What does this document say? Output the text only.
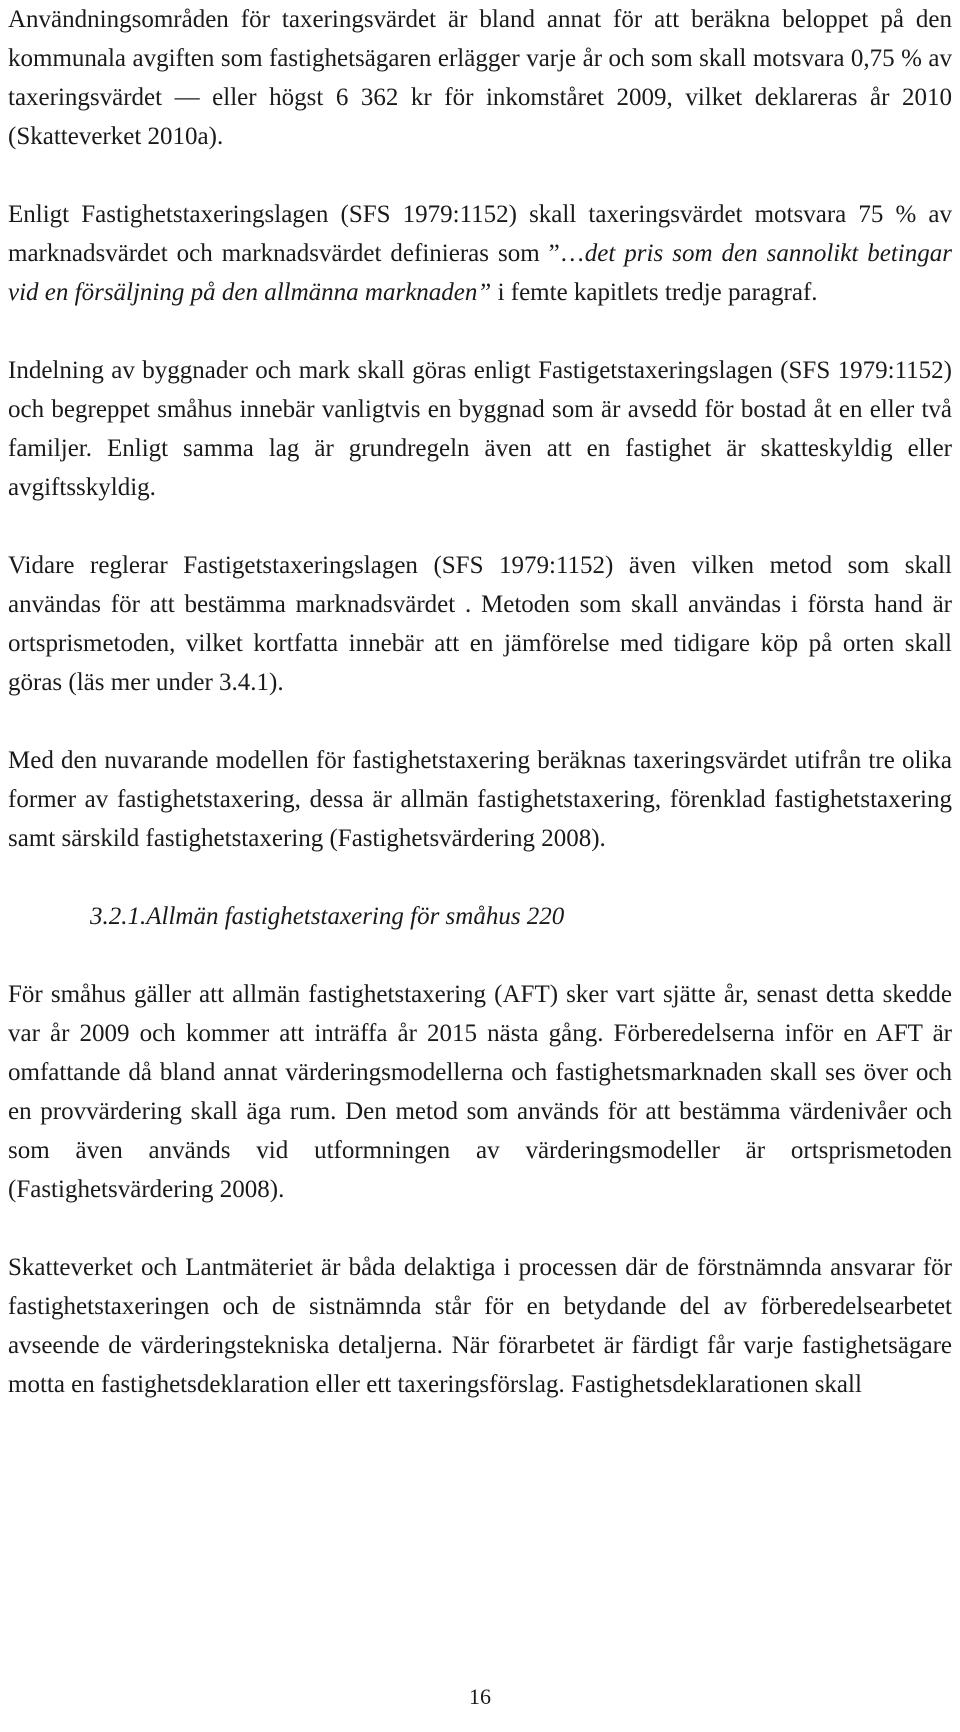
Användningsområden för taxeringsvärdet är bland annat för att beräkna beloppet på den kommunala avgiften som fastighetsägaren erlägger varje år och som skall motsvara 0,75 % av taxeringsvärdet — eller högst 6 362 kr för inkomståret 2009, vilket deklareras år 2010 (Skatteverket 2010a).

Enligt Fastighetstaxeringslagen (SFS 1979:1152) skall taxeringsvärdet motsvara 75 % av marknadsvärdet och marknadsvärdet definieras som ”…det pris som den sannolikt betingar vid en försäljning på den allmänna marknaden” i femte kapitlets tredje paragraf.

Indelning av byggnader och mark skall göras enligt Fastigetstaxeringslagen (SFS 1979:1152) och begreppet småhus innebär vanligtvis en byggnad som är avsedd för bostad åt en eller två familjer. Enligt samma lag är grundregeln även att en fastighet är skatteskyldig eller avgiftsskyldig.

Vidare reglerar Fastigetstaxeringslagen (SFS 1979:1152) även vilken metod som skall användas för att bestämma marknadsvärdet . Metoden som skall användas i första hand är ortsprismetoden, vilket kortfatta innebär att en jämförelse med tidigare köp på orten skall göras (läs mer under 3.4.1).

Med den nuvarande modellen för fastighetstaxering beräknas taxeringsvärdet utifrån tre olika former av fastighetstaxering, dessa är allmän fastighetstaxering, förenklad fastighetstaxering samt särskild fastighetstaxering (Fastighetsvärdering 2008).

3.2.1.Allmän fastighetstaxering för småhus 220

För småhus gäller att allmän fastighetstaxering (AFT) sker vart sjätte år, senast detta skedde var år 2009 och kommer att inträffa år 2015 nästa gång. Förberedelserna inför en AFT är omfattande då bland annat värderingsmodellerna och fastighetsmarknaden skall ses över och en provvärdering skall äga rum. Den metod som används för att bestämma värdenivåer och som även används vid utformningen av värderingsmodeller är ortsprismetoden (Fastighetsvärdering 2008).

Skatteverket och Lantmäteriet är båda delaktiga i processen där de förstnämnda ansvarar för fastighetstaxeringen och de sistnämnda står för en betydande del av förberedelsearbetet avseende de värderingstekniska detaljerna. När förarbetet är färdigt får varje fastighetsägare motta en fastighetsdeklaration eller ett taxeringsförslag. Fastighetsdeklarationen skall

16
